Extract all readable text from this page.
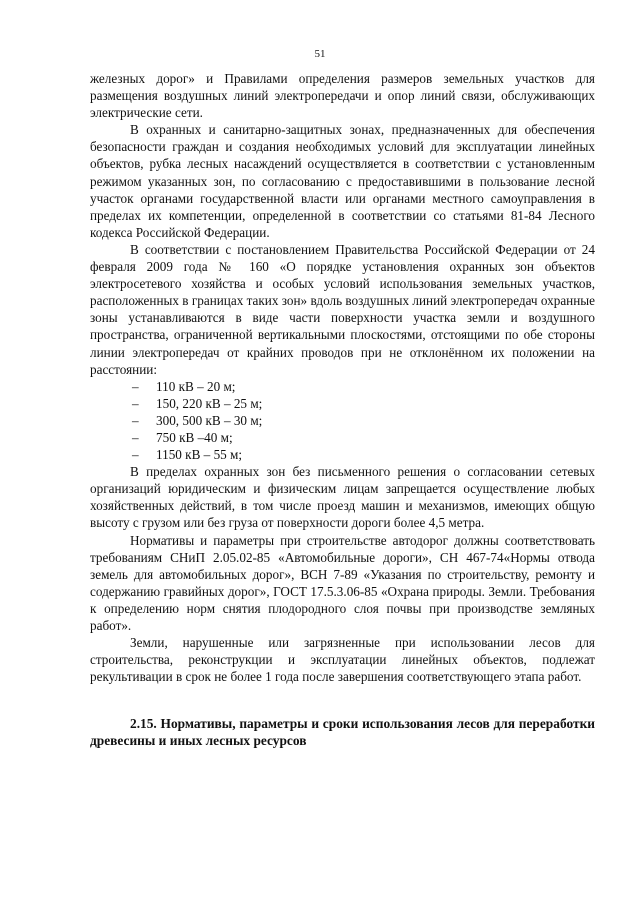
51

железных дорог» и Правилами определения размеров земельных участков для размещения воздушных линий электропередачи и опор линий связи, обслуживающих электрические сети.

В охранных и санитарно-защитных зонах, предназначенных для обеспечения безопасности граждан и создания необходимых условий для эксплуатации линейных объектов, рубка лесных насаждений осуществляется в соответствии с установленным режимом указанных зон, по согласованию с предоставившими в пользование лесной участок органами государственной власти или органами местного самоуправления в пределах их компетенции, определенной в соответствии со статьями 81-84 Лесного кодекса Российской Федерации.

В соответствии с постановлением Правительства Российской Федерации от 24 февраля 2009 года № 160 «О порядке установления охранных зон объектов электросетевого хозяйства и особых условий использования земельных участков, расположенных в границах таких зон» вдоль воздушных линий электропередач охранные зоны устанавливаются в виде части поверхности участка земли и воздушного пространства, ограниченной вертикальными плоскостями, отстоящими по обе стороны линии электропередач от крайних проводов при не отклонённом их положении на расстоянии:

– 110 кВ – 20 м;
– 150, 220 кВ – 25 м;
– 300, 500 кВ – 30 м;
– 750 кВ –40 м;
– 1150 кВ – 55 м;

В пределах охранных зон без письменного решения о согласовании сетевых организаций юридическим и физическим лицам запрещается осуществление любых хозяйственных действий, в том числе проезд машин и механизмов, имеющих общую высоту с грузом или без груза от поверхности дороги более 4,5 метра.

Нормативы и параметры при строительстве автодорог должны соответствовать требованиям СНиП 2.05.02-85 «Автомобильные дороги», СН 467-74«Нормы отвода земель для автомобильных дорог», ВСН 7-89 «Указания по строительству, ремонту и содержанию гравийных дорог», ГОСТ 17.5.3.06-85 «Охрана природы. Земли. Требования к определению норм снятия плодородного слоя почвы при производстве земляных работ».

Земли, нарушенные или загрязненные при использовании лесов для строительства, реконструкции и эксплуатации линейных объектов, подлежат рекультивации в срок не более 1 года после завершения соответствующего этапа работ.

2.15. Нормативы, параметры и сроки использования лесов для переработки древесины и иных лесных ресурсов
